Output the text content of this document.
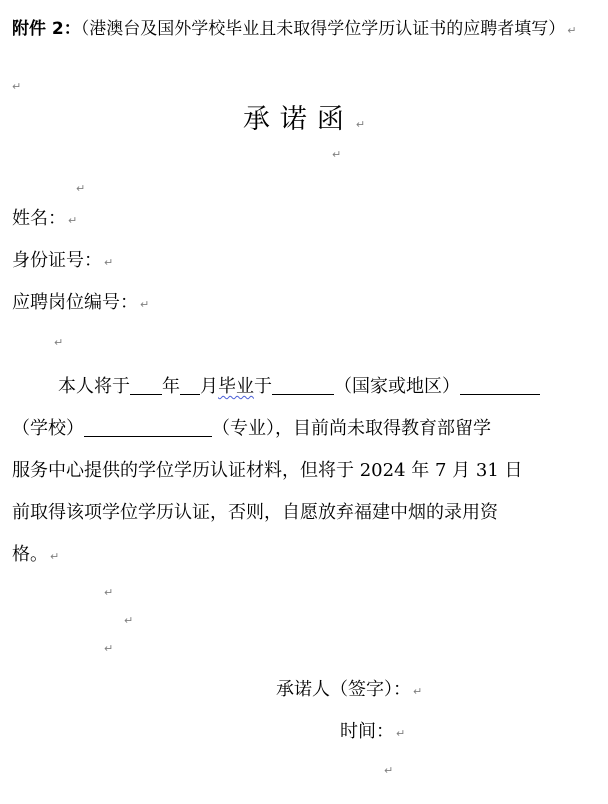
附件 2：（港澳台及国外学校毕业且未取得学位学历认证书的应聘者填写） ↵
↵
承诺函 ↵
↵
↵
姓名： ↵
身份证号： ↵
应聘岗位编号： ↵
↵
本人将于 年 月毕业于	（国家或地区）
（学校）	（专业），目前尚未取得教育部留学
服务中心提供的学位学历认证材料，但将于 2024 年 7 月 31 日
前取得该项学位学历认证，否则，自愿放弃福建中烟的录用资
格。 ↵
↵
↵
↵
承诺人（签字）： ↵
时间： ↵
↵
